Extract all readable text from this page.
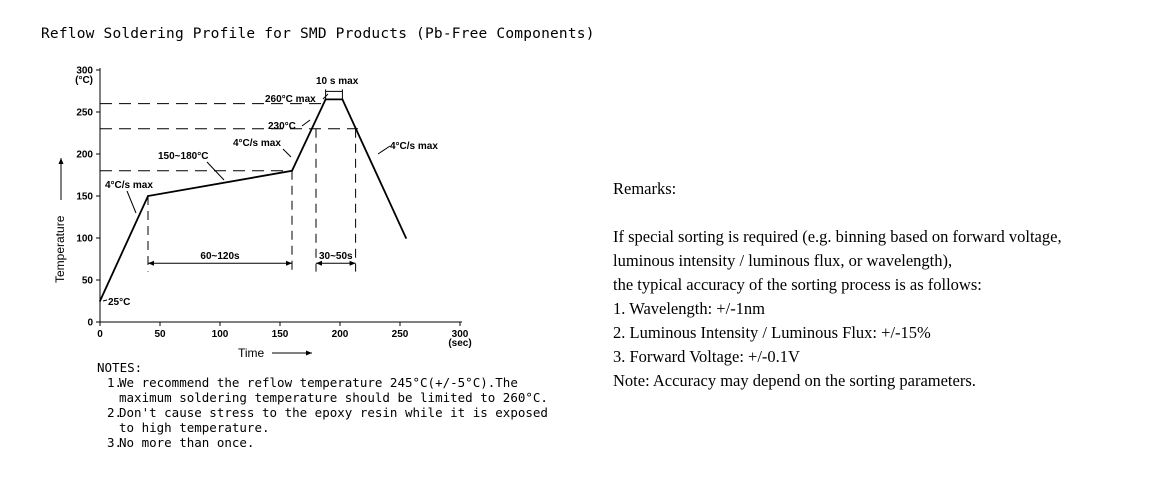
Reflow Soldering Profile for SMD Products (Pb-Free Components)
0
50
100
150
200
250
300
(°C)
0	50	100	150	200	250	300
(sec)
Time
Temperature	60~120s	30~50s
10 s max
25°C
4°C/s max
150~180°C
4°C/s max
230°C
260°C max
4°C/s max
NOTES:
1.We recommend the reflow temperature 245°C(+/-5°C).The
maximum soldering temperature should be limited to 260°C.
2.Don't cause stress to the epoxy resin while it is exposed
to high temperature.
3.No more than once.
Remarks:
If special sorting is required (e.g. binning based on forward voltage,
luminous intensity / luminous flux, or wavelength),
the typical accuracy of the sorting process is as follows:
1. Wavelength: +/-1nm
2. Luminous Intensity / Luminous Flux: +/-15%
3. Forward Voltage: +/-0.1V
Note: Accuracy may depend on the sorting parameters.
